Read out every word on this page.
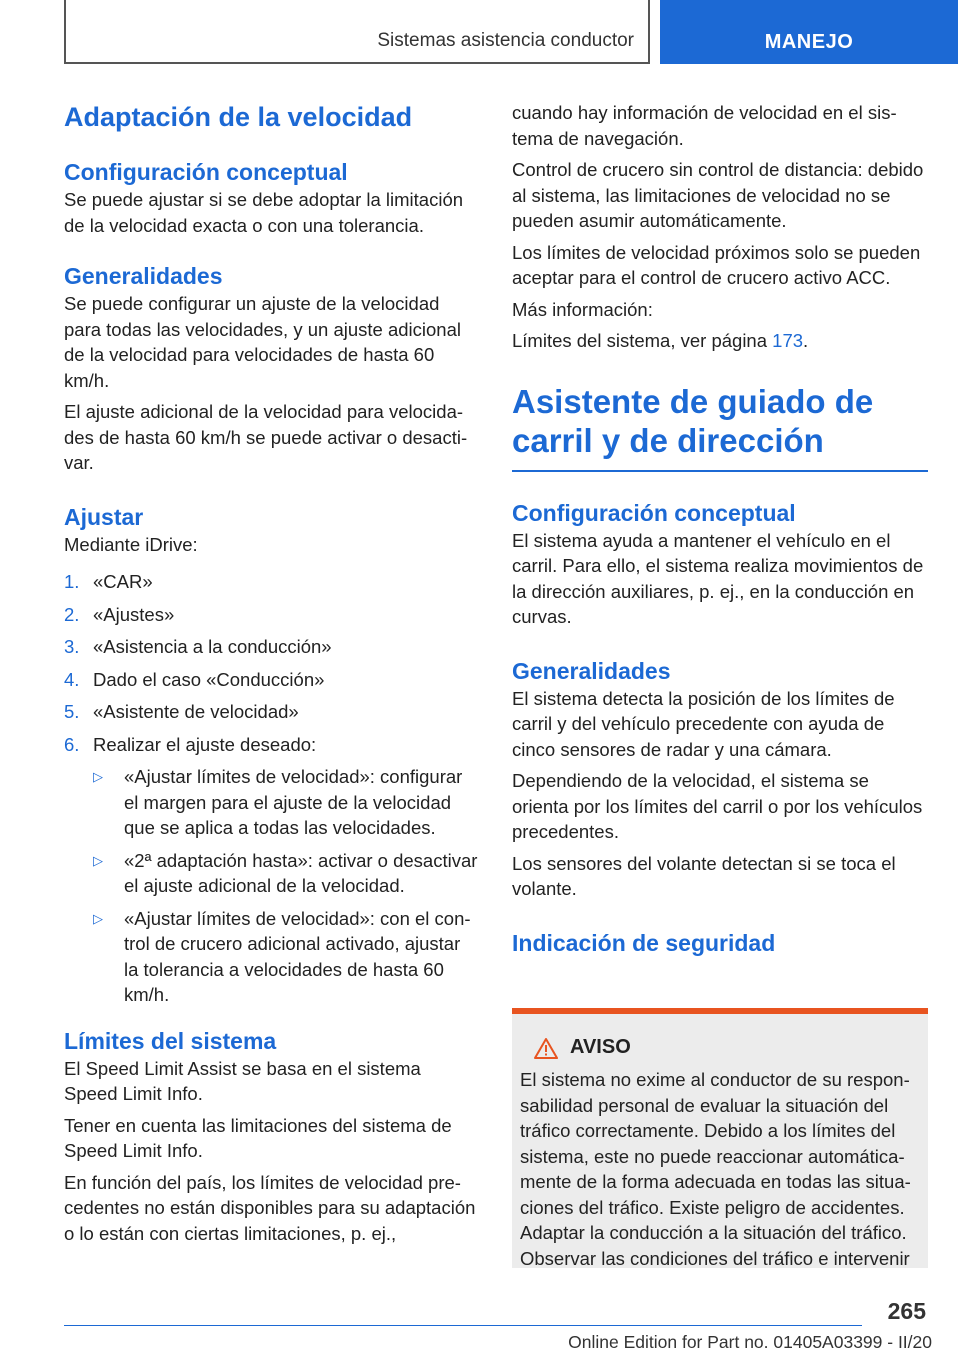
Sistemas asistencia conductor	MANEJO
Adaptación de la velocidad
Configuración conceptual

Se puede ajustar si se debe adoptar la limitación de la velocidad exacta o con una tolerancia.

Generalidades

Se puede configurar un ajuste de la velocidad para todas las velocidades, y un ajuste adicional de la velocidad para velocidades de hasta 60 km/h.

El ajuste adicional de la velocidad para velocidades de hasta 60 km/h se puede activar o desactivar.

Ajustar

Mediante iDrive:

1. «CAR»
2. «Ajustes»
3. «Asistencia a la conducción»
4. Dado el caso «Conducción»
5. «Asistente de velocidad»
6. Realizar el ajuste deseado:
▷ «Ajustar límites de velocidad»: configurar el margen para el ajuste de la velocidad que se aplica a todas las velocidades.
▷ «2ª adaptación hasta»: activar o desactivar el ajuste adicional de la velocidad.
▷ «Ajustar límites de velocidad»: con el control de crucero adicional activado, ajustar la tolerancia a velocidades de hasta 60 km/h.
Límites del sistema

El Speed Limit Assist se basa en el sistema Speed Limit Info.

Tener en cuenta las limitaciones del sistema de Speed Limit Info.

En función del país, los límites de velocidad precedentes no están disponibles para su adaptación o lo están con ciertas limitaciones, p. ej.,

cuando hay información de velocidad en el sistema de navegación.

Control de crucero sin control de distancia: debido al sistema, las limitaciones de velocidad no se pueden asumir automáticamente.

Los límites de velocidad próximos solo se pueden aceptar para el control de crucero activo ACC.

Más información:

Límites del sistema, ver página 173.

Asistente de guiado de carril y de dirección
Configuración conceptual

El sistema ayuda a mantener el vehículo en el carril. Para ello, el sistema realiza movimientos de la dirección auxiliares, p. ej., en la conducción en curvas.

Generalidades

El sistema detecta la posición de los límites de carril y del vehículo precedente con ayuda de cinco sensores de radar y una cámara.

Dependiendo de la velocidad, el sistema se orienta por los límites del carril o por los vehículos precedentes.

Los sensores del volante detectan si se toca el volante.

Indicación de seguridad
AVISO

El sistema no exime al conductor de su responsabilidad personal de evaluar la situación del tráfico correctamente. Debido a los límites del sistema, este no puede reaccionar automáticamente de la forma adecuada en todas las situaciones del tráfico. Existe peligro de accidentes. Adaptar la conducción a la situación del tráfico. Observar las condiciones del tráfico e intervenir

265
Online Edition for Part no. 01405A03399 - II/20
